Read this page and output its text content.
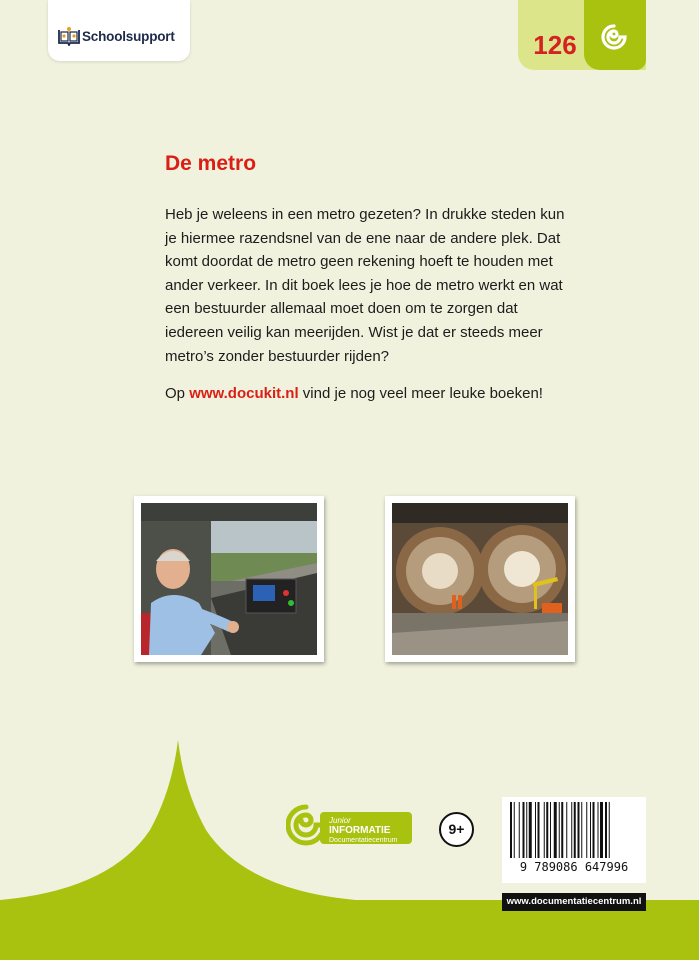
Schoolsupport	126
De metro

Heb je weleens in een metro gezeten? In drukke steden kun je hiermee razendsnel van de ene naar de andere plek. Dat komt doordat de metro geen rekening hoeft te houden met ander verkeer. In dit boek lees je hoe de metro werkt en wat een bestuurder allemaal moet doen om te zorgen dat iedereen veilig kan meerijden. Wist je dat er steeds meer metro’s zonder bestuurder rijden?

Op www.docukit.nl vind je nog veel meer leuke boeken!

Junior
INFORMATIE
Documentatiecentrum
9+
9 789086 647996
www.documentatiecentrum.nl
